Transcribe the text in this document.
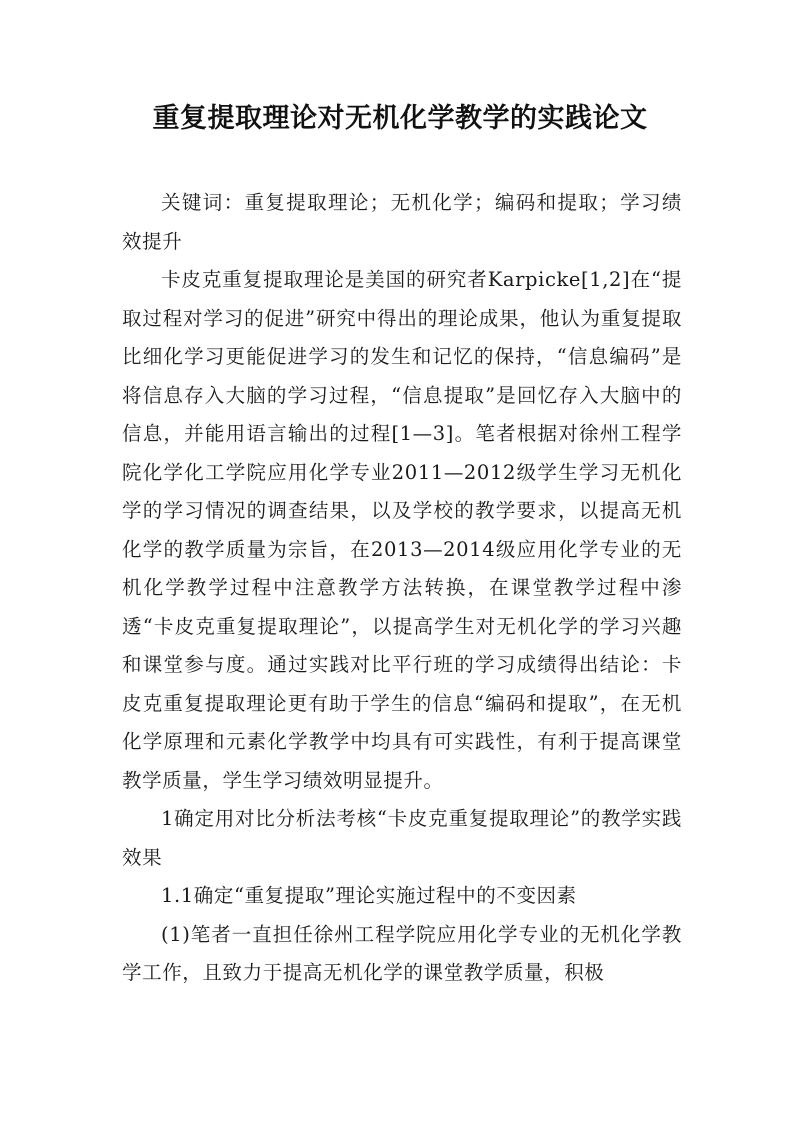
重复提取理论对无机化学教学的实践论文

关键词：重复提取理论；无机化学；编码和提取；学习绩效提升

卡皮克重复提取理论是美国的研究者Karpicke[1,2]在“提取过程对学习的促进”研究中得出的理论成果，他认为重复提取比细化学习更能促进学习的发生和记忆的保持，“信息编码”是将信息存入大脑的学习过程，“信息提取”是回忆存入大脑中的信息，并能用语言输出的过程[1—3]。笔者根据对徐州工程学院化学化工学院应用化学专业2011—2012级学生学习无机化学的学习情况的调查结果，以及学校的教学要求，以提高无机化学的教学质量为宗旨，在2013—2014级应用化学专业的无机化学教学过程中注意教学方法转换，在课堂教学过程中渗透“卡皮克重复提取理论”，以提高学生对无机化学的学习兴趣和课堂参与度。通过实践对比平行班的学习成绩得出结论：卡皮克重复提取理论更有助于学生的信息“编码和提取”，在无机化学原理和元素化学教学中均具有可实践性，有利于提高课堂教学质量，学生学习绩效明显提升。

1确定用对比分析法考核“卡皮克重复提取理论”的教学实践效果

1.1确定“重复提取”理论实施过程中的不变因素

(1)笔者一直担任徐州工程学院应用化学专业的无机化学教学工作，且致力于提高无机化学的课堂教学质量，积极
